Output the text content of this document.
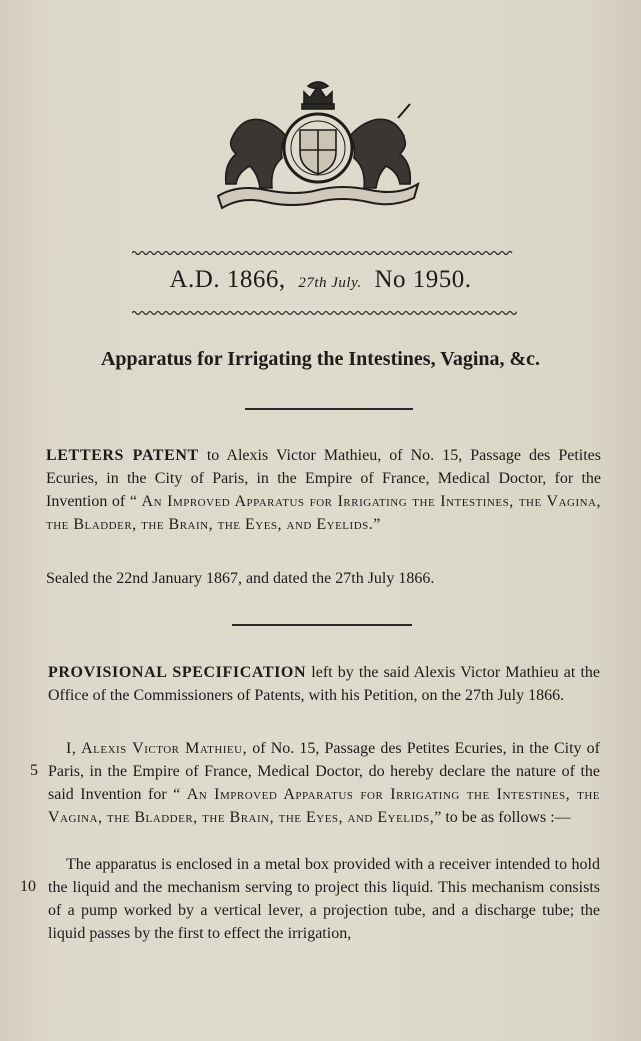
A.D. 1866, 27th July. No 1950.
Apparatus for Irrigating the Intestines, Vagina, &c.
LETTERS PATENT to Alexis Victor Mathieu, of No. 15, Passage des Petites Ecuries, in the City of Paris, in the Empire of France, Medical Doctor, for the Invention of “ An Improved Apparatus for Irrigating the Intestines, the Vagina, the Bladder, the Brain, the Eyes, and Eyelids.”
Sealed the 22nd January 1867, and dated the 27th July 1866.
PROVISIONAL SPECIFICATION left by the said Alexis Victor Mathieu at the Office of the Commissioners of Patents, with his Petition, on the 27th July 1866.
I, Alexis Victor Mathieu, of No. 15, Passage des Petites Ecuries, in the City of Paris, in the Empire of France, Medical Doctor, do hereby declare the nature of the said Invention for “ An Improved Apparatus for Irrigating the Intestines, the Vagina, the Bladder, the Brain, the Eyes, and Eyelids,” to be as follows :—
The apparatus is enclosed in a metal box provided with a receiver intended to hold the liquid and the mechanism serving to project this liquid. This mechanism consists of a pump worked by a vertical lever, a projection tube, and a discharge tube; the liquid passes by the first to effect the irrigation,
5
10
